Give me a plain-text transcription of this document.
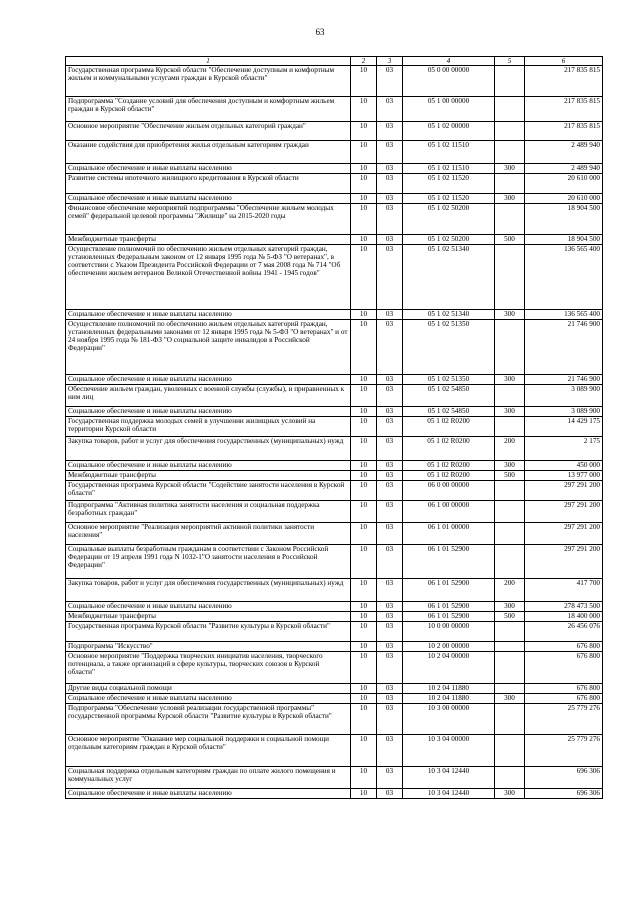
63
1	2	3	4	5	6
Государственная программа Курской области "Обеспечение доступным и комфортным жильем и коммунальными услугами граждан в Курской области"	10	03	05 0 00 00000		217 835 815
Подпрограмма "Создание условий для обеспечения доступным и комфортным жильем граждан в Курской области"	10	03	05 1 00 00000		217 835 815
Основное мероприятие "Обеспечение жильем отдельных категорий граждан"	10	03	05 1 02 00000		217 835 815
Оказание содействия для приобретения жилья отдельным категориям граждан	10	03	05 1 02 11510		2 489 940
Социальное обеспечение и иные выплаты населению	10	03	05 1 02 11510	300	2 489 940
Развитие системы ипотечного жилищного кредитования в Курской области	10	03	05 1 02 11520		20 610 000
Социальное обеспечение и иные выплаты населению	10	03	05 1 02 11520	300	20 610 000
Финансовое обеспечение мероприятий подпрограммы "Обеспечение жильем молодых семей" федеральной целевой программы "Жилище" на 2015-2020 годы	10	03	05 1 02 50200		18 904 500
Межбюджетные трансферты	10	03	05 1 02 50200	500	18 904 500
Осуществление полномочий по обеспечению жильем отдельных категорий граждан, установленных Федеральным законом от 12 января 1995 года № 5-ФЗ "О ветеранах", в соответствии с Указом Президента Российской Федерации от 7 мая 2008 года № 714 "Об обеспечении жильем ветеранов Великой Отечественной войны 1941 - 1945 годов"	10	03	05 1 02 51340		136 565 400
Социальное обеспечение и иные выплаты населению	10	03	05 1 02 51340	300	136 565 400
Осуществление полномочий по обеспечению жильем отдельных категорий граждан, установленных федеральными законами от 12 января 1995 года № 5-ФЗ "О ветеранах" и от 24 ноября 1995 года № 181-ФЗ "О социальной защите инвалидов в Российской Федерации"	10	03	05 1 02 51350		21 746 900
Социальное обеспечение и иные выплаты населению	10	03	05 1 02 51350	300	21 746 900
Обеспечение жильем граждан, уволенных с военной службы (службы), и приравненных к ним лиц	10	03	05 1 02 54850		3 089 900
Социальное обеспечение и иные выплаты населению	10	03	05 1 02 54850	300	3 089 900
Государственная поддержка молодых семей в улучшении жилищных условий на территории Курской области	10	03	05 1 02 R0200		14 429 175
Закупка товаров, работ и услуг для обеспечения государственных (муниципальных) нужд	10	03	05 1 02 R0200	200	2 175
Социальное обеспечение и иные выплаты населению	10	03	05 1 02 R0200	300	450 000
Межбюджетные трансферты	10	03	05 1 02 R0200	500	13 977 000
Государственная программа Курской области "Содействие занятости населения в Курской области"	10	03	06 0 00 00000		297 291 200
Подпрограмма "Активная политика занятости населения и социальная поддержка безработных граждан"	10	03	06 1 00 00000		297 291 200
Основное мероприятие "Реализация мероприятий активной политики занятости населения"	10	03	06 1 01 00000		297 291 200
Социальные выплаты безработным гражданам в соответствии с Законом Российской Федерации от 19 апреля 1991 года N 1032-1"О занятости населения в Российской Федерации"	10	03	06 1 01 52900		297 291 200
Закупка товаров, работ и услуг для обеспечения государственных (муниципальных) нужд	10	03	06 1 01 52900	200	417 700
Социальное обеспечение и иные выплаты населению	10	03	06 1 01 52900	300	278 473 500
Межбюджетные трансферты	10	03	06 1 01 52900	500	18 400 000
Государственная программа Курской области "Развитие культуры в Курской области"	10	03	10 0 00 00000		26 456 076
Подпрограмма "Искусство"	10	03	10 2 00 00000		676 800
Основное мероприятие "Поддержка творческих инициатив населения, творческого потенциала, а также организаций в сфере культуры, творческих союзов в Курской области"	10	03	10 2 04 00000		676 800
Другие виды социальной помощи	10	03	10 2 04 11880		676 800
Социальное обеспечение и иные выплаты населению	10	03	10 2 04 11880	300	676 800
Подпрограмма "Обеспечение условий реализации государственной программы" государственной программы Курской области "Развитие культуры в Курской области"	10	03	10 3 00 00000		25 779 276
Основное мероприятие "Оказание мер социальной поддержки и социальной помощи отдельным категориям граждан в Курской области"	10	03	10 3 04 00000		25 779 276
Социальная поддержка отдельным категориям граждан по оплате жилого помещения и коммунальных услуг	10	03	10 3 04 12440		696 306
Социальное обеспечение и иные выплаты населению	10	03	10 3 04 12440	300	696 306
